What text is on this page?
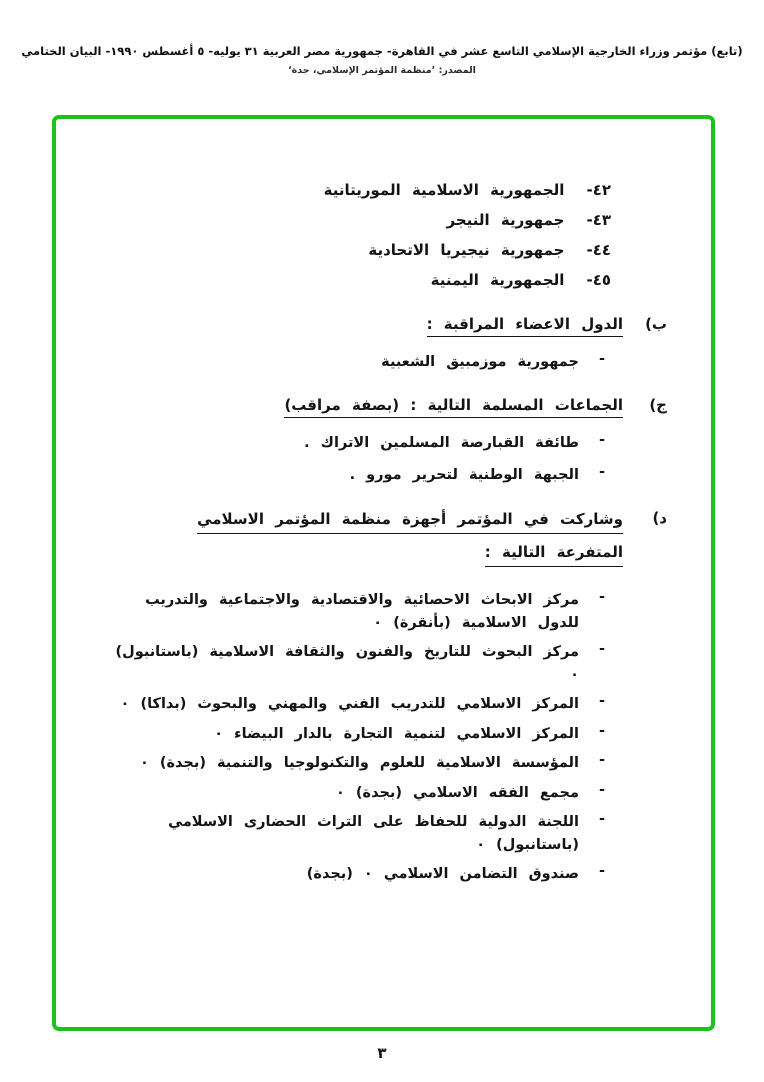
(تابع) مؤتمر وزراء الخارجية الإسلامي التاسع عشر في القاهرة- جمهورية مصر العربية ٣١ يوليه- ٥ أغسطس ١٩٩٠- البيان الختامي
المصدر: ’منظمة المؤتمر الإسلامي، جدة‘
٤٢-
الجمهورية الاسلامية الموريتانية
٤٣-
جمهورية النيجر
٤٤-
جمهورية نيجيريا الاتحادية
٤٥-
الجمهورية اليمنية
ب)
الدول الاعضاء المراقبة :
-
جمهورية موزمبيق الشعبية
ج)
الجماعات المسلمة التالية : (بصفة مراقب)
-
طائفة القبارصة المسلمين الاتراك .
-
الجبهة الوطنية لتحرير مورو .
د)
وشاركت في المؤتمر أجهزة منظمة المؤتمر الاسلامي
المتفرعة التالية :
-
مركز الابحاث الاحصائية والاقتصادية والاجتماعية والتدريب للدول الاسلامية (بأنقرة) ٠
-
مركز البحوث للتاريخ والفنون والثقافة الاسلامية (باستانبول) ٠
-
المركز الاسلامي للتدريب الفني والمهني والبحوث (بداكا) ٠
-
المركز الاسلامي لتنمية التجارة بالدار البيضاء ٠
-
المؤسسة الاسلامية للعلوم والتكنولوجيا والتنمية (بجدة) ٠
-
مجمع الفقه الاسلامي (بجدة) ٠
-
اللجنة الدولية للحفاظ على التراث الحضارى الاسلامي (باستانبول) ٠
-
صندوق التضامن الاسلامي ٠ (بجدة)
٣
